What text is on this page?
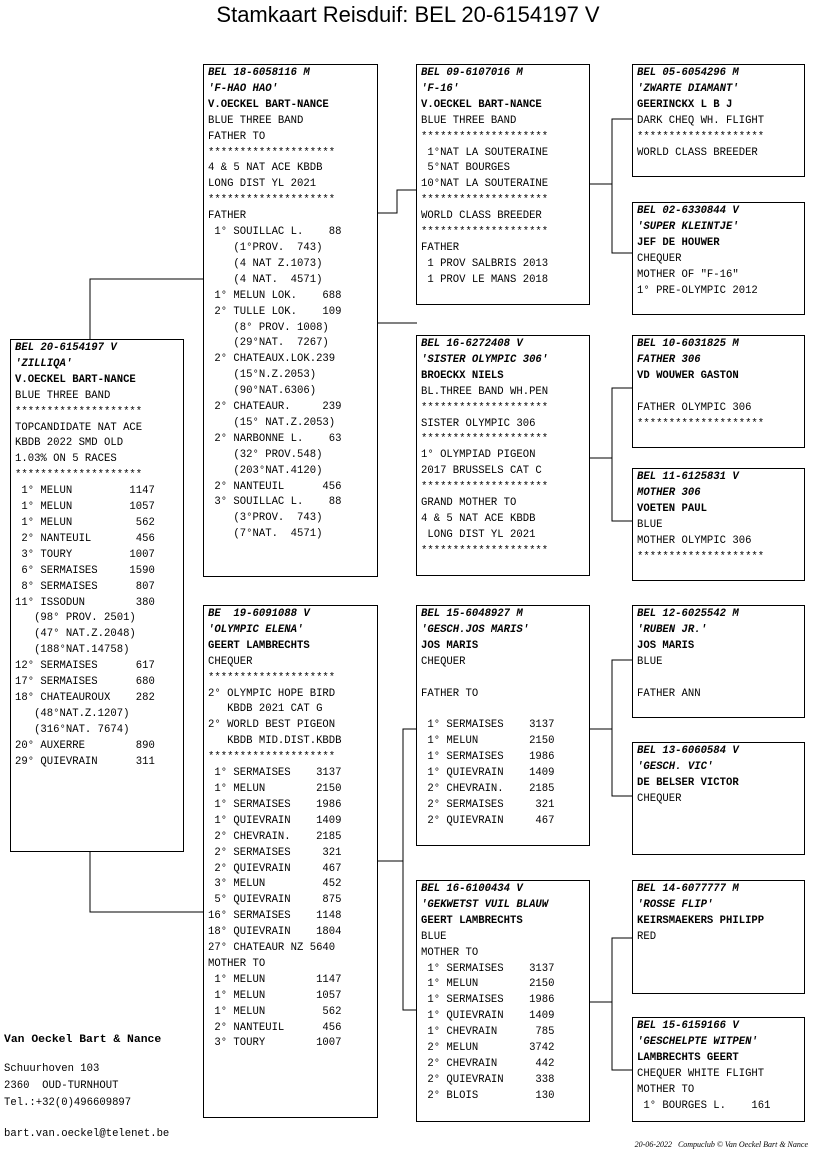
Stamkaart Reisduif: BEL 20-6154197 V
BEL 20-6154197 V
'ZILLIQA'
V.OECKEL BART-NANCE
BLUE THREE BAND
********************
TOPCANDIDATE NAT ACE
KBDB 2022 SMD OLD
1.03% ON 5 RACES
********************
1° MELUN         1147
1° MELUN         1057
1° MELUN          562
2° NANTEUIL       456
3° TOURY         1007
6° SERMAISES     1590
8° SERMAISES      807
11° ISSODUN        380
(98° PROV. 2501)
(47° NAT.Z.2048)
(188°NAT.14758)
12° SERMAISES      617
17° SERMAISES      680
18° CHATEAUROUX    282
(48°NAT.Z.1207)
(316°NAT. 7674)
20° AUXERRE        890
29° QUIEVRAIN      311
BEL 18-6058116 M
'F-HAO HAO'
V.OECKEL BART-NANCE
BLUE THREE BAND
FATHER TO
********************
4 & 5 NAT ACE KBDB
LONG DIST YL 2021
********************
FATHER
1° SOUILLAC L.    88
(1°PROV.  743)
(4 NAT Z.1073)
(4 NAT.  4571)
1° MELUN LOK.    688
2° TULLE LOK.    109
(8° PROV. 1008)
(29°NAT.  7267)
2° CHATEAUX.LOK.239
(15°N.Z.2053)
(90°NAT.6306)
2° CHATEAUR.     239
(15° NAT.Z.2053)
2° NARBONNE L.    63
(32° PROV.548)
(203°NAT.4120)
2° NANTEUIL      456
3° SOUILLAC L.    88
(3°PROV.  743)
(7°NAT.  4571)
BE  19-6091088 V
'OLYMPIC ELENA'
GEERT LAMBRECHTS
CHEQUER
********************
2° OLYMPIC HOPE BIRD
KBDB 2021 CAT G
2° WORLD BEST PIGEON
KBDB MID.DIST.KBDB
********************
1° SERMAISES    3137
1° MELUN        2150
1° SERMAISES    1986
1° QUIEVRAIN    1409
2° CHEVRAIN.    2185
2° SERMAISES     321
2° QUIEVRAIN     467
3° MELUN         452
5° QUIEVRAIN     875
16° SERMAISES    1148
18° QUIEVRAIN    1804
27° CHATEAUR NZ 5640
MOTHER TO
1° MELUN        1147
1° MELUN        1057
1° MELUN         562
2° NANTEUIL      456
3° TOURY        1007
BEL 09-6107016 M
'F-16'
V.OECKEL BART-NANCE
BLUE THREE BAND
********************
1°NAT LA SOUTERAINE
5°NAT BOURGES
10°NAT LA SOUTERAINE
********************
WORLD CLASS BREEDER
********************
FATHER
1 PROV SALBRIS 2013
1 PROV LE MANS 2018
BEL 16-6272408 V
'SISTER OLYMPIC 306'
BROECKX NIELS
BL.THREE BAND WH.PEN
********************
SISTER OLYMPIC 306
********************
1° OLYMPIAD PIGEON
2017 BRUSSELS CAT C
********************
GRAND MOTHER TO
4 & 5 NAT ACE KBDB
LONG DIST YL 2021
********************
BEL 15-6048927 M
'GESCH.JOS MARIS'
JOS MARIS
CHEQUER

FATHER TO

1° SERMAISES    3137
1° MELUN        2150
1° SERMAISES    1986
1° QUIEVRAIN    1409
2° CHEVRAIN.    2185
2° SERMAISES     321
2° QUIEVRAIN     467
BEL 16-6100434 V
'GEKWETST VUIL BLAUW
GEERT LAMBRECHTS
BLUE
MOTHER TO
1° SERMAISES    3137
1° MELUN        2150
1° SERMAISES    1986
1° QUIEVRAIN    1409
1° CHEVRAIN      785
2° MELUN        3742
2° CHEVRAIN      442
2° QUIEVRAIN     338
2° BLOIS         130
BEL 05-6054296 M
'ZWARTE DIAMANT'
GEERINCKX L B J
DARK CHEQ WH. FLIGHT
********************
WORLD CLASS BREEDER
BEL 02-6330844 V
'SUPER KLEINTJE'
JEF DE HOUWER
CHEQUER
MOTHER OF "F-16"
1° PRE-OLYMPIC 2012
BEL 10-6031825 M
FATHER 306
VD WOUWER GASTON

FATHER OLYMPIC 306
********************
BEL 11-6125831 V
MOTHER 306
VOETEN PAUL
BLUE
MOTHER OLYMPIC 306
********************
BEL 12-6025542 M
'RUBEN JR.'
JOS MARIS
BLUE

FATHER ANN
BEL 13-6060584 V
'GESCH. VIC'
DE BELSER VICTOR
CHEQUER
BEL 14-6077777 M
'ROSSE FLIP'
KEIRSMAEKERS PHILIPP
RED
BEL 15-6159166 V
'GESCHELPTE WITPEN'
LAMBRECHTS GEERT
CHEQUER WHITE FLIGHT
MOTHER TO
1° BOURGES L.    161
Van Oeckel Bart & Nance
Schuurhoven 103
2360  OUD-TURNHOUT
Tel.:+32(0)496609897
bart.van.oeckel@telenet.be
20-06-2022   Compuclub © Van Oeckel Bart & Nance
